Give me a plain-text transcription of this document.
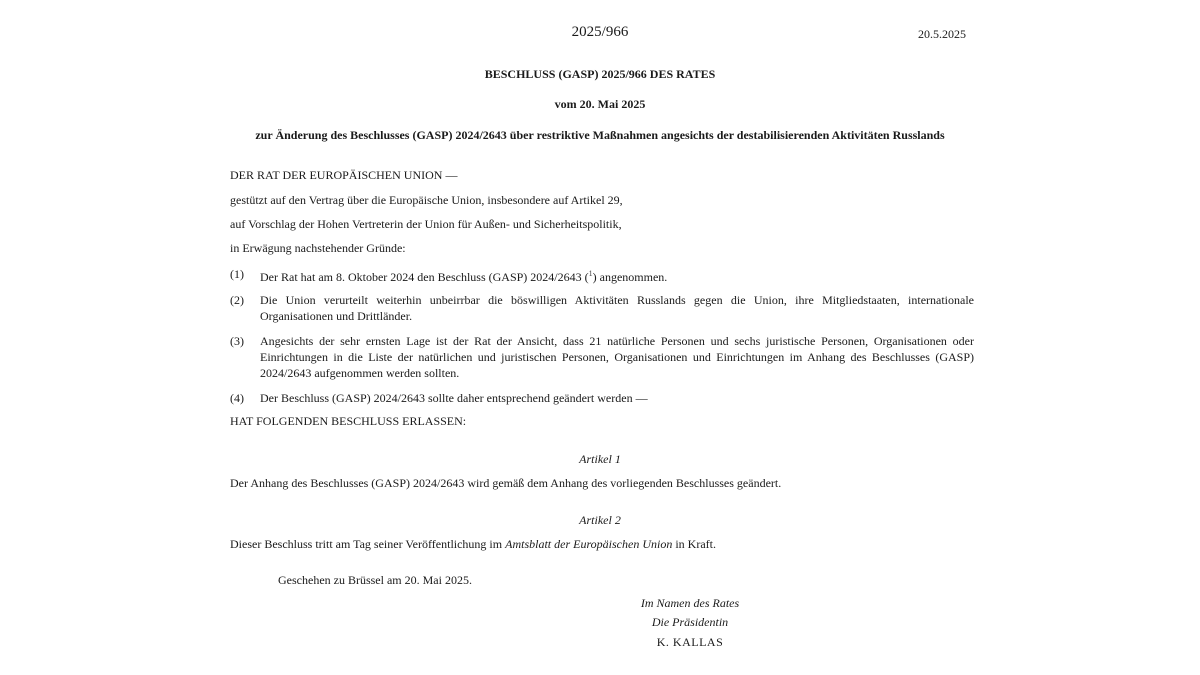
2025/966	20.5.2025
BESCHLUSS (GASP) 2025/966 DES RATES
vom 20. Mai 2025
zur Änderung des Beschlusses (GASP) 2024/2643 über restriktive Maßnahmen angesichts der destabilisierenden Aktivitäten Russlands
DER RAT DER EUROPÄISCHEN UNION —
gestützt auf den Vertrag über die Europäische Union, insbesondere auf Artikel 29,
auf Vorschlag der Hohen Vertreterin der Union für Außen- und Sicherheitspolitik,
in Erwägung nachstehender Gründe:
(1) Der Rat hat am 8. Oktober 2024 den Beschluss (GASP) 2024/2643 ($^1$) angenommen.
(2) Die Union verurteilt weiterhin unbeirrbar die böswilligen Aktivitäten Russlands gegen die Union, ihre Mitgliedstaaten, internationale Organisationen und Drittländer.
(3) Angesichts der sehr ernsten Lage ist der Rat der Ansicht, dass 21 natürliche Personen und sechs juristische Personen, Organisationen oder Einrichtungen in die Liste der natürlichen und juristischen Personen, Organisationen und Einrichtungen im Anhang des Beschlusses (GASP) 2024/2643 aufgenommen werden sollten.
(4) Der Beschluss (GASP) 2024/2643 sollte daher entsprechend geändert werden —
HAT FOLGENDEN BESCHLUSS ERLASSEN:
Artikel 1
Der Anhang des Beschlusses (GASP) 2024/2643 wird gemäß dem Anhang des vorliegenden Beschlusses geändert.
Artikel 2
Dieser Beschluss tritt am Tag seiner Veröffentlichung im Amtsblatt der Europäischen Union in Kraft.
Geschehen zu Brüssel am 20. Mai 2025.
Im Namen des Rates
Die Präsidentin
K. KALLAS
